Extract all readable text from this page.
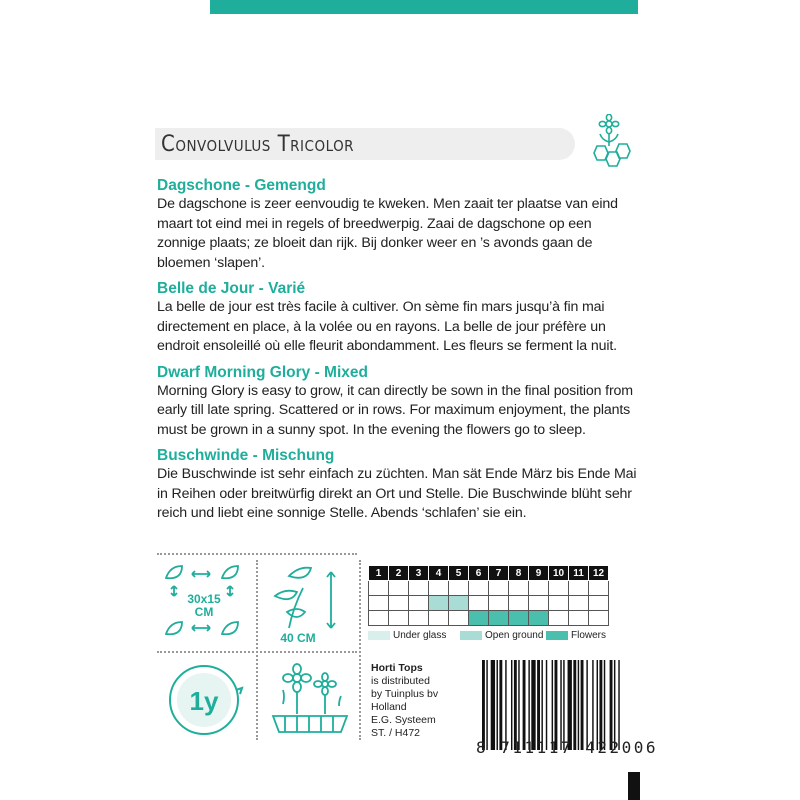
Convolvulus Tricolor
Dagschone - Gemengd
De dagschone is zeer eenvoudig te kweken. Men zaait ter plaatse van eind maart tot eind mei in regels of breedwerpig. Zaai de dagschone op een zonnige plaats; ze bloeit dan rijk. Bij donker weer en ’s avonds gaan de bloemen ‘slapen’.
Belle de Jour - Varié
La belle de jour est très facile à cultiver. On sème fin mars jusqu’à fin mai directement en place, à la volée ou en rayons. La belle de jour préfère un endroit ensoleillé où elle fleurit abondamment. Les fleurs se ferment la nuit.
Dwarf Morning Glory - Mixed
Morning Glory is easy to grow, it can directly be sown in the final position from early till late spring. Scattered or in rows. For maximum enjoyment, the plants must be grown in a sunny spot. In the evening the flowers go to sleep.
Buschwinde - Mischung
Die Buschwinde ist sehr einfach zu züchten. Man sät Ende März bis Ende Mai in Reihen oder breitwürfig direkt an Ort und Stelle. Die Buschwinde blüht sehr reich und liebt eine sonnige Stelle. Abends ‘schlafen’ sie ein.
30x15
CM
40 CM
1y
1	2	3	4	5	6	7	8	9	10	11	12

Under glass	Open ground	Flowers
Horti Tops
is distributed
by Tuinplus bv
Holland
E.G. Systeem
ST. / H472
8 711117 422006
